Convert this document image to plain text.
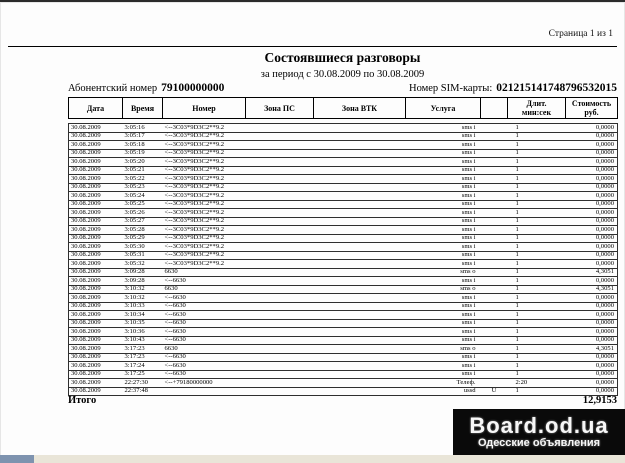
Страница 1 из 1
Состоявшиеся разговоры
за период с 30.08.2009 по 30.08.2009
Абонентский номер 79100000000	Номер SIM-карты: 021215141748796532015
Дата	Время	Номер	Зона ПС	Зона ВТК	Услуга		Длит.
мин:сек	Стоимость
руб.

30.08.2009	3:05:16	<--3C03*9D3C2**9.2			sms i		1	0,0000
30.08.2009	3:05:17	<--3C03*9D3C2**9.2			sms i		1	0,0000
30.08.2009	3:05:18	<--3C03*9D3C2**9.2			sms i		1	0,0000
30.08.2009	3:05:19	<--3C03*9D3C2**9.2			sms i		1	0,0000
30.08.2009	3:05:20	<--3C03*9D3C2**9.2			sms i		1	0,0000
30.08.2009	3:05:21	<--3C03*9D3C2**9.2			sms i		1	0,0000
30.08.2009	3:05:22	<--3C03*9D3C2**9.2			sms i		1	0,0000
30.08.2009	3:05:23	<--3C03*9D3C2**9.2			sms i		1	0,0000
30.08.2009	3:05:24	<--3C03*9D3C2**9.2			sms i		1	0,0000
30.08.2009	3:05:25	<--3C03*9D3C2**9.2			sms i		1	0,0000
30.08.2009	3:05:26	<--3C03*9D3C2**9.2			sms i		1	0,0000
30.08.2009	3:05:27	<--3C03*9D3C2**9.2			sms i		1	0,0000
30.08.2009	3:05:28	<--3C03*9D3C2**9.2			sms i		1	0,0000
30.08.2009	3:05:29	<--3C03*9D3C2**9.2			sms i		1	0,0000
30.08.2009	3:05:30	<--3C03*9D3C2**9.2			sms i		1	0,0000
30.08.2009	3:05:31	<--3C03*9D3C2**9.2			sms i		1	0,0000
30.08.2009	3:05:32	<--3C03*9D3C2**9.2			sms i		1	0,0000
30.08.2009	3:09:28	6630			sms o		1	4,3051
30.08.2009	3:09:28	<--6630			sms i		1	0,0000
30.08.2009	3:10:32	6630			sms o		1	4,3051
30.08.2009	3:10:32	<--6630			sms i		1	0,0000
30.08.2009	3:10:33	<--6630			sms i		1	0,0000
30.08.2009	3:10:34	<--6630			sms i		1	0,0000
30.08.2009	3:10:35	<--6630			sms i		1	0,0000
30.08.2009	3:10:36	<--6630			sms i		1	0,0000
30.08.2009	3:10:43	<--6630			sms i		1	0,0000
30.08.2009	3:17:23	6630			sms o		1	4,3051
30.08.2009	3:17:23	<--6630			sms i		1	0,0000
30.08.2009	3:17:24	<--6630			sms i		1	0,0000
30.08.2009	3:17:25	<--6630			sms i		1	0,0000
30.08.2009	22:27:30	<--+79180000000			Телеф.		2:20	0,0000
30.08.2009	22:37:48				ussd	U	1	0,0000
Итого	12,9153
Board.od.ua
Одесские объявления
